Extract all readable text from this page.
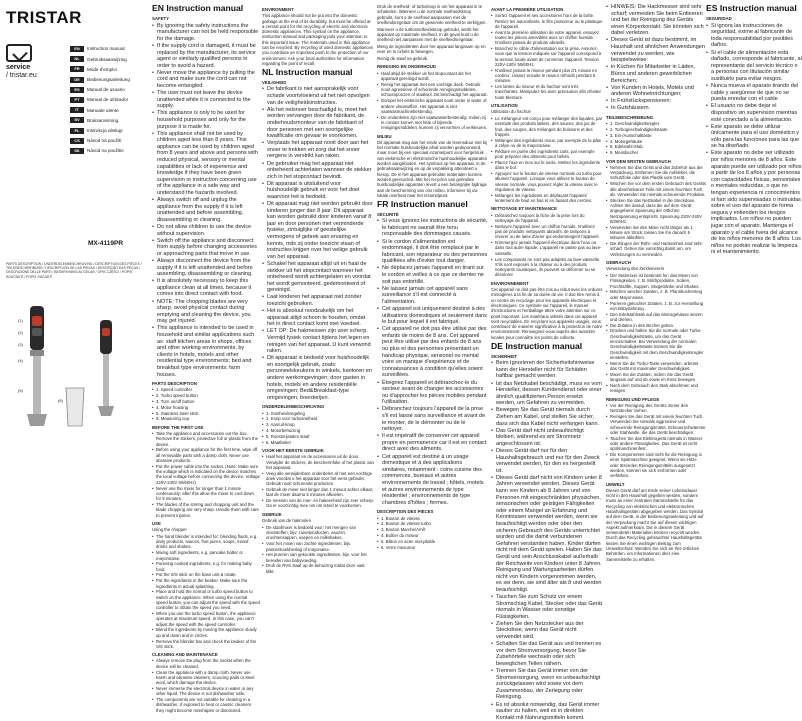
TRISTAR
service
/ tristar.eu
EN	Instruction manual
NL	Gebruiksaanwijzing
FR	Mode d'emploi
DE	Bedienungsanleitung
ES	Manual de usuario
PT	Manual de utilizador
IT	Manuale utente
SV	Bruksanvisning
PL	Instrukcja obsługi
CS	Návod na použití
SK	Návod na použitie
MX-4119PR
PARTS DESCRIPTION / ONDERDELENBESCHRIJVING / DESCRIPTION DES PIÈCES / TEILEBESCHREIBUNG / DESCRIPCIÓN DE LAS PIEZAS / DESCRIÇÃO DAS PEÇAS / DESCRIZIONE DELLE PARTI / BESKRIVNING AV DELAR / OPIS CZĘŚCI / POPIS SOUČÁSTÍ / POPIS SÚČASTÍ
(1)
(2)
(3)
(4)
(5)
(6)
EN Instruction manual
SAFETY
• By ignoring the safety instructions the manufacturer can not be held responsible for the damage.
• If the supply cord is damaged, it must be replaced by the manufacturer, its service agent or similarly qualified persons in order to avoid a hazard.
• Never move the appliance by pulling the cord and make sure the cord can not become entangled.
• The user must not leave the device unattended while it is connected to the supply.
• This appliance is only to be used for household purposes and only for the purpose it is made for.
• This appliance shall not be used by children aged less than 8 years. This appliance can be used by children aged from 8 years and above and persons with reduced physical, sensory or mental capabilities or lack of experience and knowledge if they have been given supervision or instruction concerning use of the appliance in a safe way and understand the hazards involved.
• Always switch off and unplug the appliance from the supply if it is left unattended and before assembling, disassembling or cleaning.
• Do not allow children to use the device without supervision.
• Switch off the appliance and disconnect from supply before changing accessories or approaching parts that move in use.
• Always disconnect the device from the supply if it is left unattended and before assembling, disassembling or cleaning.
• It is absolutely necessary to keep this appliance clean at all times, because it comes into direct contact with food.
• NOTE: The chopping blades are very sharp, avoid physical contact during emptying and cleaning the device, you may get injured.
• This appliance is intended to be used in household and similar applications such as: staff kitchen areas in shops, offices and other working environments; by clients in hotels, motels and other residential type environments; bed and breakfast type environments; farm houses.
PARTS DESCRIPTION
• 1. Speed controller
• 2. Turbo speed button
• 3. Turn on/off button
• 4. Motor housing
• 5. Stainless steel stick
• 6. Measuring cup
BEFORE THE FIRST USE
• Take the appliance and accessories out the box. Remove the stickers, protective foil or plastic from the device.
• Before using your appliance for the first time, wipe off all removable parts with a damp cloth. Never use abrasive products.
• Put the power cable into the socket. (Note: Make sure the voltage which is indicated on the device matches the local voltage before connecting the device. Voltage 220V-240V 50/60Hz)
• Never use the mixer for longer than 1 minute continuously; after this allow the mixer to cool down for 5 minutes.
• The blades of the stirring and chopping unit and the blade chopping are very sharp. Handle them with care to prevent injuries.
USE

Using the chopper

• The hand blender is intended for: blending fluids, e.g. dairy products, sauces, fruit juices, soups, mixed drinks and shakes.
• Mixing soft ingredients, e.g. pancake batter or mayonnaise.
• Pureeing cooked ingredients, e.g. for making baby food.
• Put the S/S stick on the base unit & rotate.
• Put the ingredients in the beaker. Make sure the ingredients in actual splashing.
• Place and hold the normal or turbo speed button to switch on the appliance. When using the normal speed button, you can adjust the speed with the speed controller to obtain the speed you need.
• When you use the turbo speed button, the appliance operates at maximum speed. In this case, you can't adjust the speed with the speed controller.
• Blend the ingredients by moving the appliance slowly up and down and in circles.
• Remove the blender bar and check the beaker of the S/S stick.
CLEANING AND MAINTENANCE
• Always remove the plug from the socket when the device will be cleaned.
• Clean the appliance with a damp cloth. Never use harsh and abrasive cleaners, scouring pads or steel wool, which damage the device.
• Never immerse the electrical device in water or any other liquid. The device is not dishwasher safe.
• The components are not suitable for cleaning in a dishwasher. If exposed to heat or caustic cleaners they might become misshapen or discolored.
ENVIRONMENT

This appliance should not be put into the domestic garbage at the end of its durability, but must be offered at a central point for the recycling of electric and electronic domestic appliances. This symbol on the appliance, instruction manual and packaging puts your attention to this important issue. The materials used in this appliance can be recycled. By recycling of used domestic appliances you contribute an important push to the protection of our environment. Ask your local authorities for information regarding the point of recall.

NL Instruction manual
VEILIGHEID
• De fabrikant is niet aansprakelijk voor schade voortvloeiend uit het niet opvolgen van de veiligheidsinstructies.
• Als het netsnoer beschadigd is, moet het worden vervangen door de fabrikant, de onderhoudsmonteur van de fabrikant of door personen met een soortgelijke kwalificatie om gevaar te voorkomen.
• Verplaats het apparaat nooit door aan het snoer te trekken en zorg dat het snoer nergens in verstrikt kan raken.
• De gebruiker mag het apparaat niet onbeheerd achterlaten wanneer de stekker zich in het stopcontact bevindt.
• Dit apparaat is uitsluitend voor huishoudelijk gebruik en voor het doel waarvoor het is bedoeld.
• Dit apparaat mag niet worden gebruikt door kinderen jonger dan 8 jaar. Dit apparaat kan worden gebruikt door kinderen vanaf 8 jaar en door personen met verminderde fysieke, zintuiglijke of geestelijke vermogens of gebrek aan ervaring en kennis, mits zij onder toezicht staan of instructies krijgen over het veilige gebruik van het apparaat.
• Schakel het apparaat altijd uit en haal de stekker uit het stopcontact wanneer het onbeheerd wordt achtergelaten en voordat het wordt gemonteerd, gedemonteerd of gereinigd.
• Laat kinderen het apparaat niet zonder toezicht gebruiken.
• Het is absoluut noodzakelijk om het apparaat altijd schoon te houden, omdat het in direct contact komt met voedsel.
• LET OP: De hakmessen zijn zeer scherp. Vermijd fysiek contact tijdens het legen en reinigen van het apparaat. U kunt verwond raken.
• Dit apparaat is bedoeld voor huishoudelijk en soortgelijk gebruik, zoals: personeelskeukens in winkels, kantoren en andere werkomgevingen; door gasten in hotels, motels en andere residentiële omgevingen; Bed&Breakfast-type omgevingen; boerderijen.
ONDERDELENBESCHRIJVING
• 1. Snelheidsregeling
• 2. Knop voor turbosnelheid
• 3. Aan/uit-knop
• 4. Motorbehuizing
• 5. Roestvrijstalen staaf
• 6. Maatbeker
VOOR HET EERSTE GEBRUIK
• Haal het apparaat en de accessoires uit de doos. Verwijder de stickers, de beschermfolie of het plastic van het apparaat.
• Veeg alle verwijderbare onderdelen af met een vochtige doek voordat u het apparaat voor het eerst gebruikt. Gebruik nooit schurende producten.
• Gebruik de mixer niet langer dan 1 minuut achter elkaar; laat de mixer daarna 5 minuten afkoelen.
• De messen van de roer- en hakeenheid zijn zeer scherp. Ga er voorzichtig mee om om letsel te voorkomen.
GEBRUIK

Gebruik van de hakmolen

• De staafmixer is bedoeld voor: het mengen van vloeistoffen, bijv. zuivelproducten, sauzen, vruchtensappen, soepen en milkshakes.
• Voor het mixen van zachte ingrediënten, bijv. pannenkoekbeslag of mayonaise.
• Het pureren van gekookte ingrediënten, bijv. voor het bereiden van babyvoeding.
• Druk de RVS staaf op de behuizing totdat deze vast klikt.

Druk de snelheid- of turboknop in om het apparaat in te schakelen. Wanneer u de normale snelheidsknop gebruikt, kunt u de snelheid aanpassen met de snelheidsregelaar om de gewenste snelheid te verkrijgen.

Wanneer u de turbosnelheidsknop gebruikt, werkt het apparaat op maximale snelheid. In dit geval kunt u de snelheid niet aanpassen met de snelheidsregelaar.

Meng de ingrediënten door het apparaat langzaam op en neer en in cirkels te bewegen.

Reinig de staaf na gebruik.

REINIGING EN ONDERHOUD
• Haal altijd de stekker uit het stopcontact als het apparaat gereinigd wordt.
• Reinig het apparaat met een vochtige doek. Gebruik nooit agressieve of schurende reinigingsmiddelen, schuursponzen of staalwol. Dit beschadigt het apparaat.
• Dompel het elektrische apparaat nooit onder in water of andere vloeistoffen. Het apparaat is niet vaatwasmachinebestendig.
• De onderdelen zijn niet vaatwasserbestendig. Indien zij in contact komen met hitte of bijtende reinigingsmiddelen, kunnen zij vervormen of verkleuren.
MILIEU

Dit apparaat mag aan het einde van de levensduur niet bij het normale huishoudelijke afval worden gedeponeerd, maar moet bij een speciaal inzamelpunt voor hergebruik van elektrische en elektronische huishoudelijke apparaten worden aangeboden. Het symbool op het apparaat, in de gebruiksaanwijzing en op de verpakking attendeert u hierop. De in het apparaat gebruikte materialen kunnen worden gerecycled. Met het recyclen van gebruikte huishoudelijke apparaten levert u een belangrijke bijdrage aan de bescherming van ons milieu. Informeer bij uw lokale overheid naar het inzamelpunt.

FR Instruction manuel
SÉCURITÉ
• Si vous ignorez les instructions de sécurité, le fabricant ne saurait être tenu responsable des dommages causés.
• Si le cordon d'alimentation est endommagé, il doit être remplacé par le fabricant, son réparateur ou des personnes qualifiées afin d'éviter tout danger.
• Ne déplacez jamais l'appareil en tirant sur le cordon et veillez à ce que ce dernier ne soit pas entortillé.
• Ne laissez jamais cet appareil sans surveillance s'il est connecté à l'alimentation.
• Cet appareil est uniquement destiné à des utilisations domestiques et seulement dans le but pour lequel il est fabriqué.
• Cet appareil ne doit pas être utilisé par des enfants de moins de 8 ans. Cet appareil peut être utilisé par des enfants de 8 ans ou plus et des personnes présentant un handicap physique, sensoriel ou mental voire un manque d'expérience et de connaissances à condition qu'elles soient surveillées.
• Éteignez l'appareil et débranchez-le du secteur avant de changer les accessoires ou d'approcher les pièces mobiles pendant l'utilisation.
• Débranchez toujours l'appareil de la prise s'il est laissé sans surveillance et avant de le monter, de le démonter ou de le nettoyer.
• Il est impératif de conserver cet appareil propre en permanence car il est en contact direct avec des aliments.
• Cet appareil est destiné à un usage domestique et à des applications similaires, notamment : coins cuisine des commerces, bureaux et autres environnements de travail ; hôtels, motels et autres environnements de type résidentiel ; environnements de type chambres d'hôtes ; fermes.
DESCRIPTION DES PIÈCES
• 1. Bouton de vitesse
• 2. Bouton de vitesse turbo
• 3. Bouton Marche/Arrêt
• 4. Boîtier du moteur
• 5. Bâton en acier inoxydable
• 6. Verre mesureur
AVANT LA PREMIÈRE UTILISATION
• Sortez l'appareil et ses accessoires hors de la boîte. Retirez les autocollants, le film protecteur ou le plastique de l'appareil.
• Avant la première utilisation de votre appareil, essuyez toutes les pièces amovibles avec un chiffon humide. N'utilisez jamais de produits abrasifs.
• Branchez le câble d'alimentation sur la prise. Assurez-vous que la tension indiquée sur l'appareil correspond à la tension locale avant de connecter l'appareil. Tension 220V-240V 50/60Hz.
• N'utilisez jamais le mixeur pendant plus d'1 minute en continu ; laissez ensuite le mixeur refroidir pendant 5 minutes.
• Les lames du mixeur et du hachoir sont très tranchantes. Manipulez-les avec précaution afin d'éviter toute blessure.
UTILISATION

Utilisation du hachoir

• Le mélangeur est conçu pour mélanger des liquides, par exemple des produits laitiers, des sauces, des jus de fruit, des soupes, des mélanges de boissons et des frappés.
• Mélanger des ingrédients mous, par exemple de la pâte à crêpe ou de la mayonnaise.
• Réduire en purée des ingrédients cuits, par exemple pour préparer des aliments pour bébés.
• Placez l'axe en inox sur le socle. Mettez les ingrédients dans le bol.
• Appuyez sur le bouton de vitesse normale ou turbo pour allumer l'appareil. Lorsque vous utilisez le bouton de vitesse normale, vous pouvez régler la vitesse avec le régulateur de vitesse.
• Mélangez les ingrédients en déplaçant l'appareil lentement de haut en bas et en faisant des cercles.
NETTOYAGE ET MAINTENANCE
• Débranchez toujours la fiche de la prise lors du nettoyage de l'appareil.
• Nettoyez l'appareil avec un chiffon humide. N'utilisez pas de produits nettoyants abrasifs, de tampons à récurer ou de laine d'acier qui endommagent l'appareil.
• N'immergez jamais l'appareil électrique dans l'eau ou dans tout autre liquide. L'appareil ne passe pas au lave-vaisselle.
• Les composants ne sont pas adaptés au lave-vaisselle. S'ils sont exposés à la chaleur ou à des produits nettoyants caustiques, ils peuvent se déformer ou se décolorer.
ENVIRONNEMENT

Cet appareil ne doit pas être mis au rebut avec les ordures ménagères à la fin de sa durée de vie. Il doit être remis à un centre de recyclage pour les appareils électriques et électroniques. Ce symbole sur l'appareil, le manuel d'instructions et l'emballage attire votre attention sur ce point important. Les matériaux utilisés dans cet appareil sont recyclables. En recyclant vos appareils usagés, vous contribuez de manière significative à la protection de notre environnement. Renseignez-vous auprès des autorités locales pour connaître les points de collecte.

DE Instruction manual
SICHERHEIT
• Beim Ignorieren der Sicherheitshinweise kann der Hersteller nicht für Schäden haftbar gemacht werden.
• Ist das Netzkabel beschädigt, muss es vom Hersteller, dessen Kundendienst oder einer ähnlich qualifizierten Person ersetzt werden, um Gefahren zu vermeiden.
• Bewegen Sie das Gerät niemals durch Ziehen am Kabel, und stellen Sie sicher, dass sich das Kabel nicht verfangen kann.
• Das Gerät darf nicht unbeaufsichtigt bleiben, während es am Stromnetz angeschlossen ist.
• Dieses Gerät darf nur für den Haushaltsgebrauch und nur für den Zweck verwendet werden, für den es hergestellt ist.
• Dieses Gerät darf nicht von Kindern unter 8 Jahren verwendet werden. Dieses Gerät kann von Kindern ab 8 Jahren und von Personen mit eingeschränkten physischen, sensorischen oder geistigen Fähigkeiten oder einem Mangel an Erfahrung und Kenntnissen verwendet werden, wenn sie beaufsichtigt werden oder über den sicheren Gebrauch des Geräts unterrichtet wurden und die damit verbundenen Gefahren verstanden haben. Kinder dürfen nicht mit dem Gerät spielen. Halten Sie das Gerät und sein Anschlusskabel außerhalb der Reichweite von Kindern unter 8 Jahren. Reinigung und Wartungsarbeiten dürfen nicht von Kindern vorgenommen werden, es sei denn, sie sind älter als 8 und werden beaufsichtigt.
• Tauchen Sie zum Schutz vor einem Stromschlag Kabel, Stecker oder das Gerät niemals in Wasser oder sonstige Flüssigkeiten.
• Ziehen Sie den Netzstecker aus der Steckdose, wenn das Gerät nicht verwendet wird.
• Schalten Sie das Gerät aus und trennen es vor dem Stromversorgung, bevor Sie Zubehörteile wechseln oder sich beweglichen Teilen nähern.
• Trennen Sie das Gerät immer von der Stromversorgung, wenn es unbeaufsichtigt zurückgelassen wird sowie vor dem Zusammenbau, der Zerlegung oder Reinigung.
• Es ist absolut notwendig, das Gerät immer sauber zu halten, weil es in direkten Kontakt mit Nahrungsmitteln kommt.
• HINWEIS: Die Hackmesser sind sehr scharf; vermeiden Sie beim Entleeren und bei der Reinigung des Geräts einen Körperkontakt. Sie könnten sich dabei verletzen.
• Dieses Gerät ist dazu bestimmt, im Haushalt und ähnlichen Anwendungen verwendet zu werden, wie beispielsweise:
• in Küchen für Mitarbeiter in Läden, Büros und anderen gewerblichen Bereichen;
• Von Kunden in Hotels, Motels und anderen Wohneinrichtungen;
• In Frühstückspensionen;
• In Gutshäusern.
TEILEBESCHREIBUNG
• 1. Geschwindigkeitsregler
• 2. Turbogeschwindigkeitstaste
• 3. Ein-/Ausschalttaste
• 4. Motorgehäuse
• 5. Edelstahl-Stab
• 6. Messbecher
VOR DEM ERSTEN GEBRAUCH
• Nehmen Sie das Gerät und das Zubehör aus der Verpackung. Entfernen Sie die Aufkleber, die Schutzfolie oder das Plastik vom Gerät.
• Wischen Sie vor dem ersten Gebrauch des Geräts alle abnehmbaren Teile mit einem feuchten Tuch ab. Verwenden Sie niemals scheuernde Produkte.
• Stecken Sie das Netzkabel in die Steckdose. Achten Sie darauf, dass die auf dem Gerät angegebene Spannung der örtlichen Netzspannung entspricht. Spannung 220V-240V 50/60Hz.
• Verwenden Sie den Mixer nicht länger als 1 Minute am Stück; lassen Sie ihn danach 5 Minuten abkühlen.
• Die Klingen der Rühr- und Hackeinheit sind sehr scharf. Gehen Sie vorsichtig damit um, um Verletzungen zu vermeiden.
GEBRAUCH

Verwendung des Zerkleinerers

• Der Stabmixer ist bestimmt für: das Mixen von Flüssigkeiten, z. B. Milchprodukte, Soßen, Fruchtsäfte, Suppen, Mixgetränke und Shakes.
• Mischen weicher Zutaten, z. B. Pfannkuchenteig oder Mayonnaise.
• Pürieren gekochter Zutaten, z. B. zur Herstellung von Babynahrung.
• Den Edelstahlstab auf das Motorgehäuse setzen und drehen.
• Die Zutaten in den Becher geben.
• Drücken und halten Sie die normale oder Turbo-Geschwindigkeitstaste, um das Gerät einzuschalten. Bei Verwendung der normalen Geschwindigkeitstaste können Sie die Geschwindigkeit mit dem Geschwindigkeitsregler einstellen.
• Wenn Sie die Turbo-Taste verwenden, arbeitet das Gerät mit maximaler Geschwindigkeit.
• Mixen Sie die Zutaten, indem Sie das Gerät langsam auf und ab sowie im Kreis bewegen.
• Nach dem Gebrauch den Stab abnehmen und reinigen.
REINIGUNG UND PFLEGE
• Vor der Reinigung des Geräts immer den Netzstecker ziehen.
• Reinigen Sie das Gerät mit einem feuchten Tuch. Verwenden Sie niemals aggressive und scheuernde Reinigungsmittel, Scheuerschwämme oder Stahlwolle, die das Gerät beschädigen.
• Tauchen Sie das Elektrogerät niemals in Wasser oder andere Flüssigkeiten. Das Gerät ist nicht spülmaschinenfest.
• Die Komponenten sind nicht für die Reinigung in einer Spülmaschine geeignet. Wenn sie Hitze oder ätzenden Reinigungsmitteln ausgesetzt werden, können sie sich verformen oder verfärben.
UMWELT

Dieses Gerät darf am Ende seiner Lebensdauer nicht in den Hausmüll gegeben werden, sondern muss an einer zentralen Sammelstelle für das Recycling von elektrischen und elektronischen Haushaltsgeräten abgegeben werden. Das Symbol auf dem Gerät, in der Bedienungsanleitung und auf der Verpackung macht Sie auf diesen wichtigen Aspekt aufmerksam. Die in diesem Gerät verwendeten Materialien können recycelt werden. Durch das Recycling gebrauchter Haushaltsgeräte leisten Sie einen wichtigen Beitrag zum Umweltschutz. Wenden Sie sich an Ihre örtlichen Behörden, um Informationen über eine Sammelstelle zu erhalten.

ES Instruction manual
SEGURIDAD
• Si ignora las instrucciones de seguridad, exime al fabricante de toda responsabilidad por posibles daños.
• Si el cable de alimentación está dañado, corresponde al fabricante, al representante del servicio técnico o a personas con titulación similar sustituirlo para evitar riesgos.
• Nunca mueva el aparato tirando del cable y asegúrese de que no se pueda enredar con el cable.
• El usuario no debe dejar el dispositivo sin supervisión mientras esté conectado a la alimentación.
• Este aparato se debe utilizar únicamente para el uso doméstico y sólo para las funciones para las que se ha diseñado.
• Este aparato no debe ser utilizado por niños menores de 8 años. Este aparato puede ser utilizado por niños a partir de los 8 años y por personas con capacidades físicas, sensoriales o mentales reducidas, o que no tengan experiencia ni conocimientos si han sido supervisadas o instruidas sobre el uso del aparato de forma segura y entienden los riesgos implicados. Los niños no pueden jugar con el aparato. Mantenga el aparato y el cable fuera del alcance de los niños menores de 8 años. Los niños no podrán realizar la limpieza ni el mantenimiento.
